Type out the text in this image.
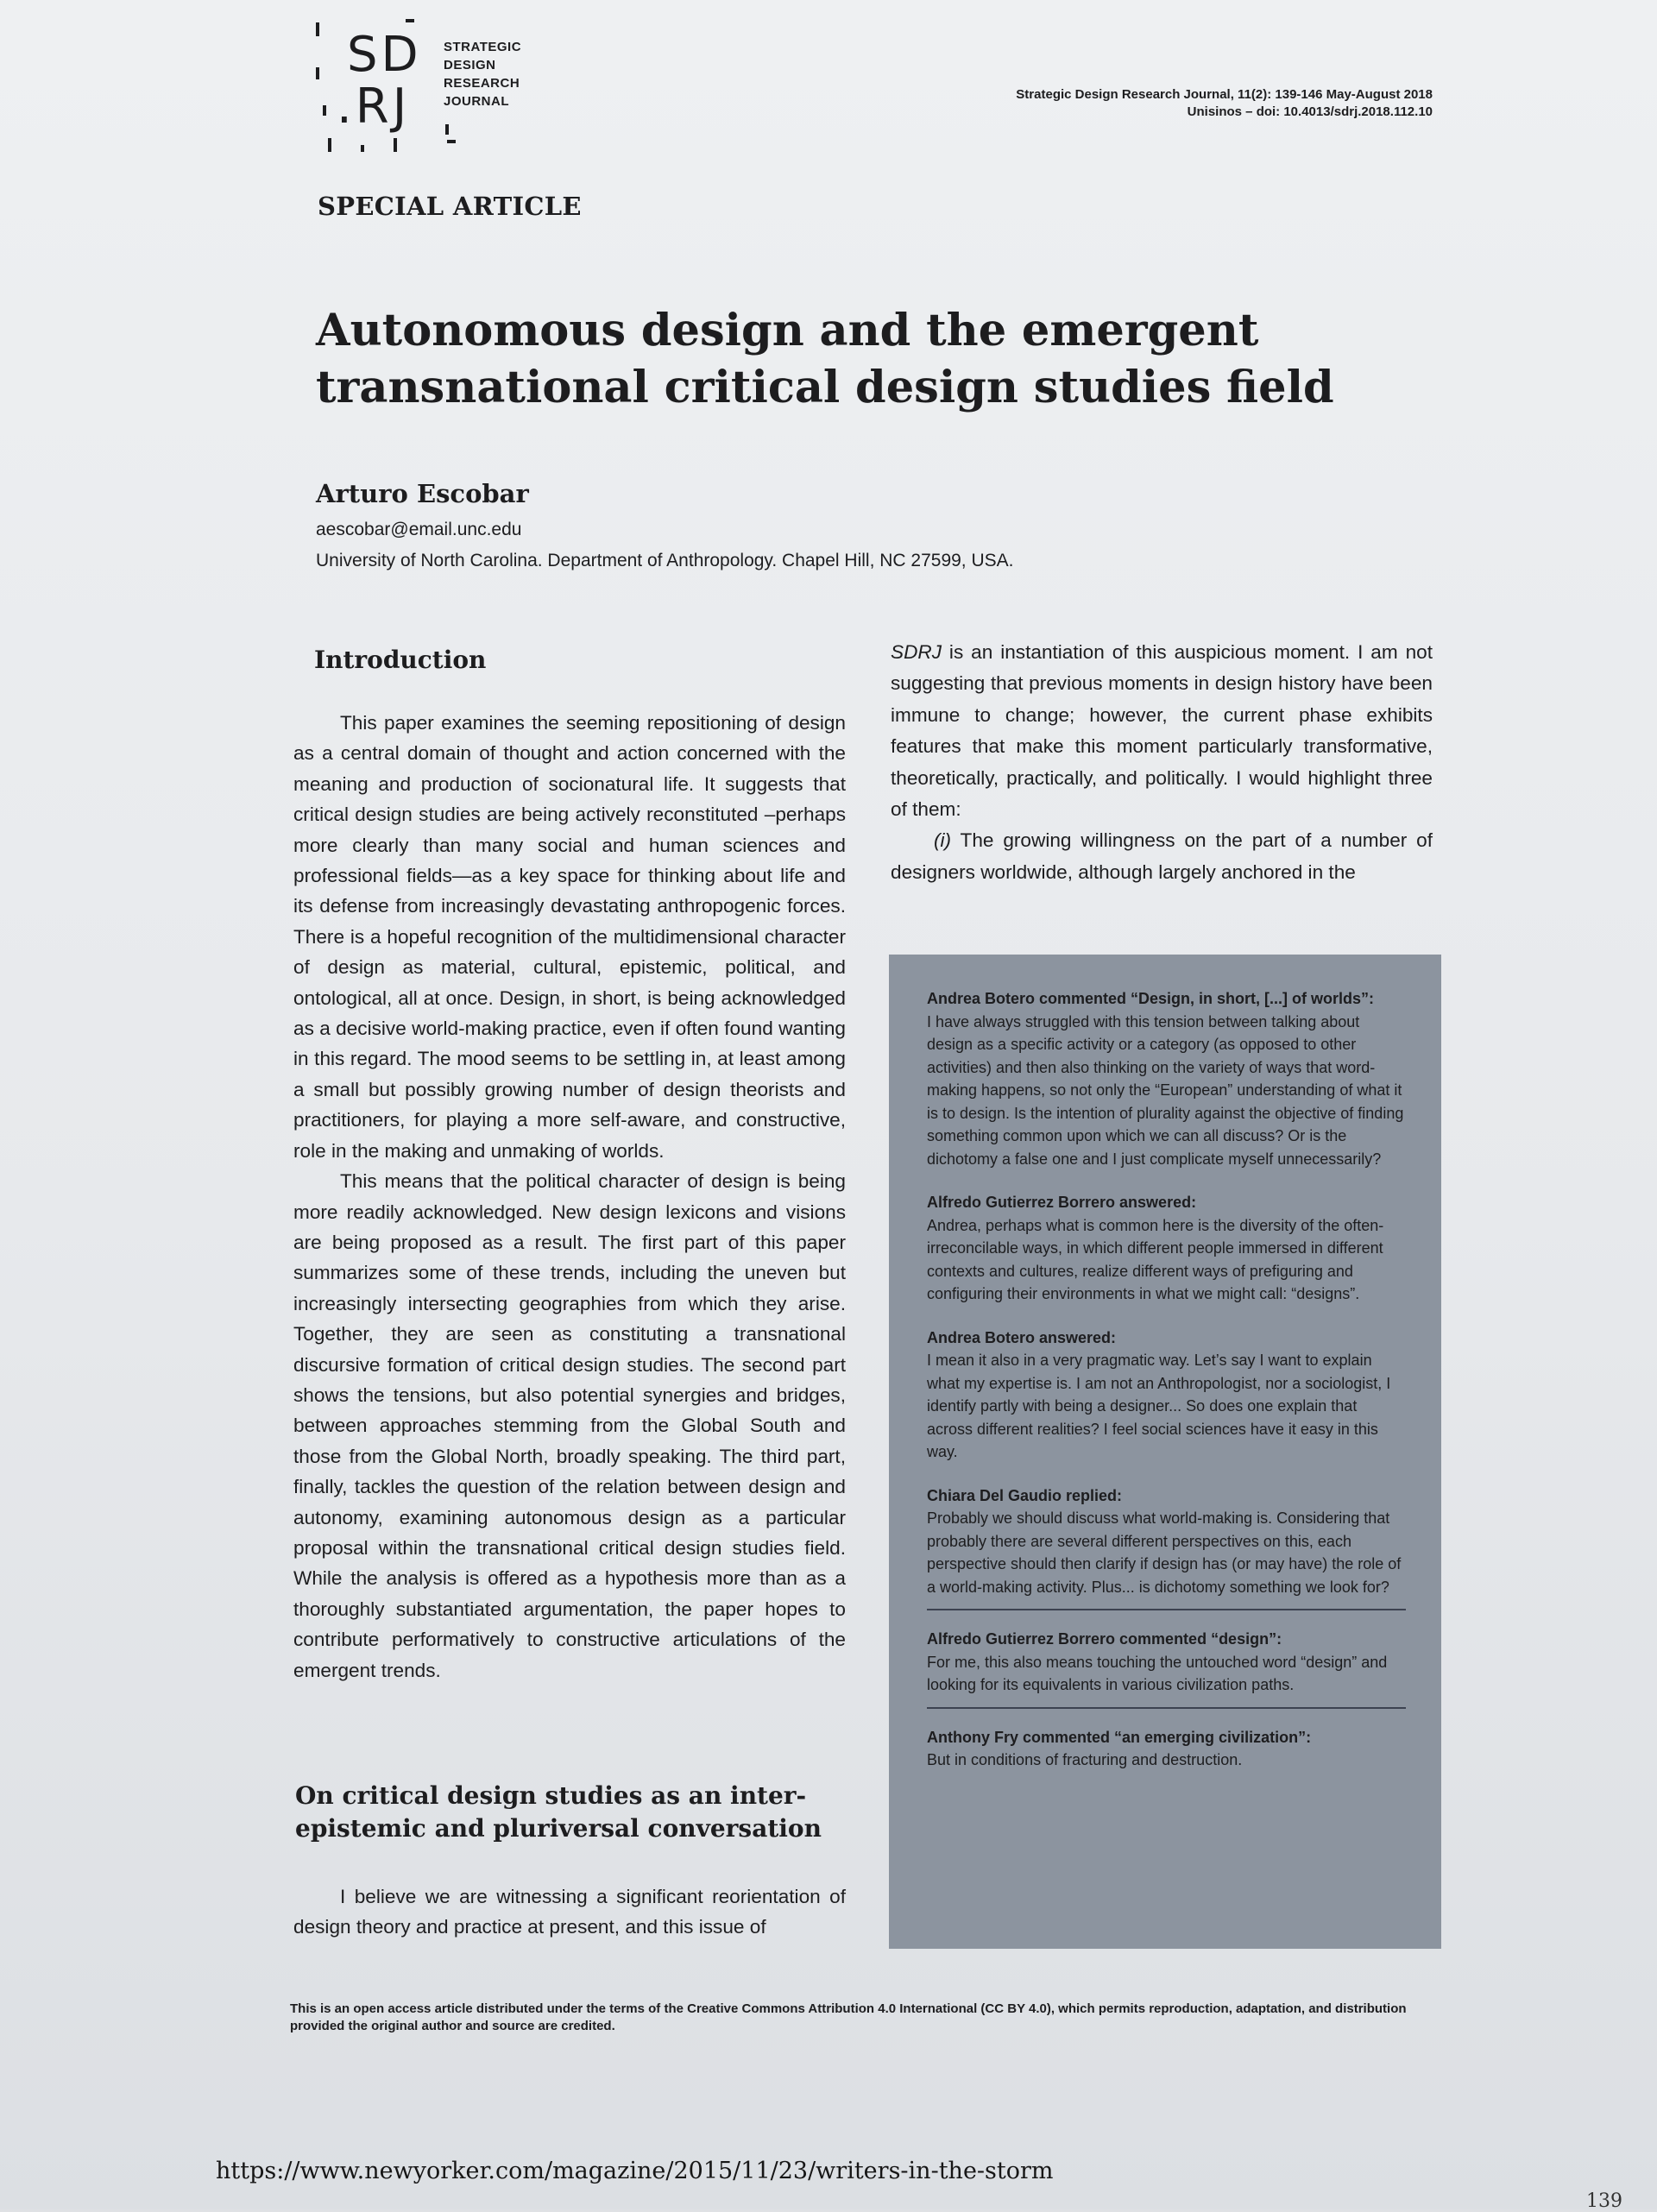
SD
.RJ
STRATEGIC
DESIGN
RESEARCH
JOURNAL	Strategic Design Research Journal, 11(2): 139-146 May-August 2018
Unisinos – doi: 10.4013/sdrj.2018.112.10
SPECIAL ARTICLE
Autonomous design and the emergent
transnational critical design studies field
Arturo Escobar
aescobar@email.unc.edu
University of North Carolina. Department of Anthropology. Chapel Hill, NC 27599, USA.
Introduction

This paper examines the seeming repositioning of design as a central domain of thought and action concerned with the meaning and production of socionatural life. It suggests that critical design studies are being actively reconstituted –perhaps more clearly than many social and human sciences and professional fields—as a key space for thinking about life and its defense from increasingly devastating anthropogenic forces. There is a hopeful recognition of the multidimensional character of design as material, cultural, epistemic, political, and ontological, all at once. Design, in short, is being acknowledged as a decisive world-making practice, even if often found wanting in this regard. The mood seems to be settling in, at least among a small but possibly growing number of design theorists and practitioners, for playing a more self-aware, and constructive, role in the making and unmaking of worlds.

This means that the political character of design is being more readily acknowledged. New design lexicons and visions are being proposed as a result. The first part of this paper summarizes some of these trends, including the uneven but increasingly intersecting geographies from which they arise. Together, they are seen as constituting a transnational discursive formation of critical design studies. The second part shows the tensions, but also potential synergies and bridges, between approaches stemming from the Global South and those from the Global North, broadly speaking. The third part, finally, tackles the question of the relation between design and autonomy, examining autonomous design as a particular proposal within the transnational critical design studies field. While the analysis is offered as a hypothesis more than as a thoroughly substantiated argumentation, the paper hopes to contribute performatively to constructive articulations of the emergent trends.

On critical design studies as an inter-
epistemic and pluriversal conversation

I believe we are witnessing a significant reorientation of design theory and practice at present, and this issue of

SDRJ is an instantiation of this auspicious moment. I am not suggesting that previous moments in design history have been immune to change; however, the current phase exhibits features that make this moment particularly transformative, theoretically, practically, and politically. I would highlight three of them:

(i) The growing willingness on the part of a number of designers worldwide, although largely anchored in the

Andrea Botero commented “Design, in short, [...] of worlds”:
I have always struggled with this tension between talking about design as a specific activity or a category (as opposed to other activities) and then also thinking on the variety of ways that word-making happens, so not only the “European” understanding of what it is to design. Is the intention of plurality against the objective of finding something common upon which we can all discuss? Or is the dichotomy a false one and I just complicate myself unnecessarily?
Alfredo Gutierrez Borrero answered:
Andrea, perhaps what is common here is the diversity of the often-irreconcilable ways, in which different people immersed in different contexts and cultures, realize different ways of prefiguring and configuring their environments in what we might call: “designs”.
Andrea Botero answered:
I mean it also in a very pragmatic way. Let’s say I want to explain what my expertise is. I am not an Anthropologist, nor a sociologist, I identify partly with being a designer... So does one explain that across different realities? I feel social sciences have it easy in this way.
Chiara Del Gaudio replied:
Probably we should discuss what world-making is. Considering that probably there are several different perspectives on this, each perspective should then clarify if design has (or may have) the role of a world-making activity. Plus... is dichotomy something we look for?
Alfredo Gutierrez Borrero commented “design”:
For me, this also means touching the untouched word “design” and looking for its equivalents in various civilization paths.
Anthony Fry commented “an emerging civilization”:
But in conditions of fracturing and destruction.
This is an open access article distributed under the terms of the Creative Commons Attribution 4.0 International (CC BY 4.0), which permits reproduction, adaptation, and distribution
provided the original author and source are credited.
https://www.newyorker.com/magazine/2015/11/23/writers-in-the-storm
139
